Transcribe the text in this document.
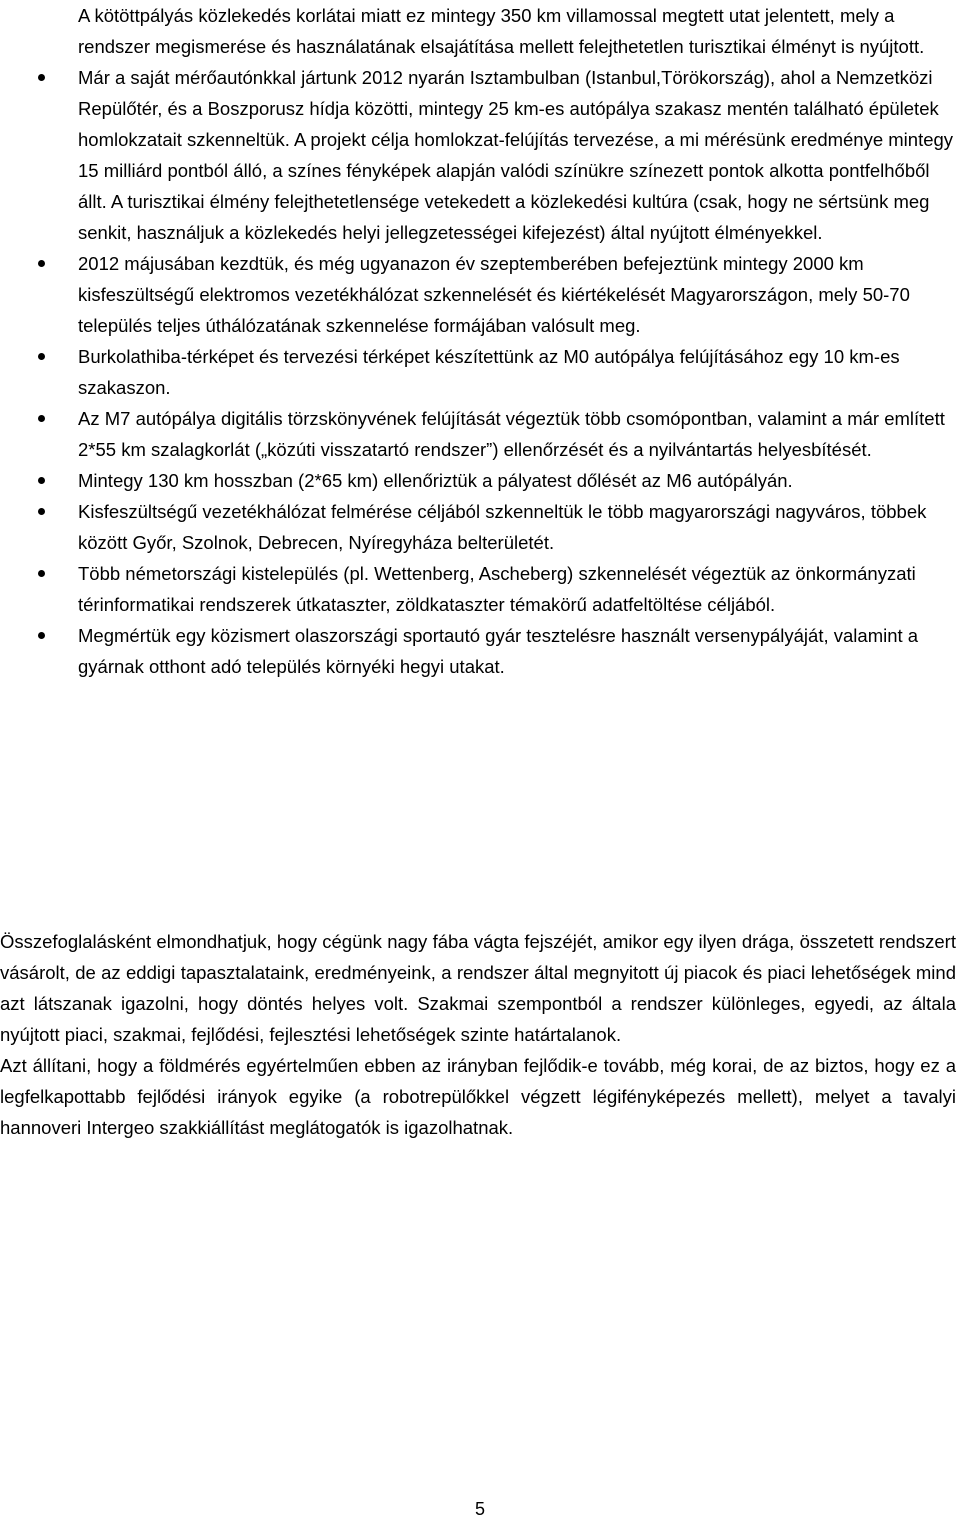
A kötöttpályás közlekedés korlátai miatt ez mintegy 350 km villamossal megtett utat jelentett, mely a rendszer megismerése és használatának elsajátítása mellett felejthetetlen turisztikai élményt is nyújtott.
Már a saját mérőautónkkal jártunk 2012 nyarán Isztambulban (Istanbul,Törökország), ahol a Nemzetközi Repülőtér, és a Boszporusz hídja közötti, mintegy 25 km-es autópálya szakasz mentén található épületek homlokzatait szkenneltük. A projekt célja homlokzat-felújítás tervezése, a mi mérésünk eredménye mintegy 15 milliárd pontból álló, a színes fényképek alapján valódi színükre színezett pontok alkotta pontfelhőből állt. A turisztikai élmény felejthetetlensége vetekedett a közlekedési kultúra (csak, hogy ne sértsünk meg senkit, használjuk a közlekedés helyi jellegzetességei kifejezést) által nyújtott élményekkel.
2012 májusában kezdtük, és még ugyanazon év szeptemberében befejeztünk mintegy 2000 km kisfeszültségű elektromos vezetékhálózat szkennelését és kiértékelését Magyarországon, mely 50-70 település teljes úthálózatának szkennelése formájában valósult meg.
Burkolathiba-térképet és tervezési térképet készítettünk az M0 autópálya felújításához egy 10 km-es szakaszon.
Az M7 autópálya digitális törzskönyvének felújítását végeztük több csomópontban, valamint a már említett 2*55 km szalagkorlát („közúti visszatartó rendszer”) ellenőrzését és a nyilvántartás helyesbítését.
Mintegy 130 km hosszban (2*65 km) ellenőriztük a pályatest dőlését az M6 autópályán.
Kisfeszültségű vezetékhálózat felmérése céljából szkenneltük le több magyarországi nagyváros, többek között Győr, Szolnok, Debrecen, Nyíregyháza belterületét.
Több németországi kistelepülés (pl. Wettenberg, Ascheberg) szkennelését végeztük az önkormányzati térinformatikai rendszerek útkataszter, zöldkataszter témakörű adatfeltöltése céljából.
Megmértük egy közismert olaszországi sportautó gyár tesztelésre használt versenypályáját, valamint a gyárnak otthont adó település környéki hegyi utakat.

Összefoglalásként elmondhatjuk, hogy cégünk nagy fába vágta fejszéjét, amikor egy ilyen drága, összetett rendszert vásárolt, de az eddigi tapasztalataink, eredményeink, a rendszer által megnyitott új piacok és piaci lehetőségek mind azt látszanak igazolni, hogy döntés helyes volt. Szakmai szempontból a rendszer különleges, egyedi, az általa nyújtott piaci, szakmai, fejlődési, fejlesztési lehetőségek szinte határtalanok.

Azt állítani, hogy a földmérés egyértelműen ebben az irányban fejlődik-e tovább, még korai, de az biztos, hogy ez a legfelkapottabb fejlődési irányok egyike (a robotrepülőkkel végzett légifényképezés mellett), melyet a tavalyi hannoveri Intergeo szakkiállítást meglátogatók is igazolhatnak.

5
